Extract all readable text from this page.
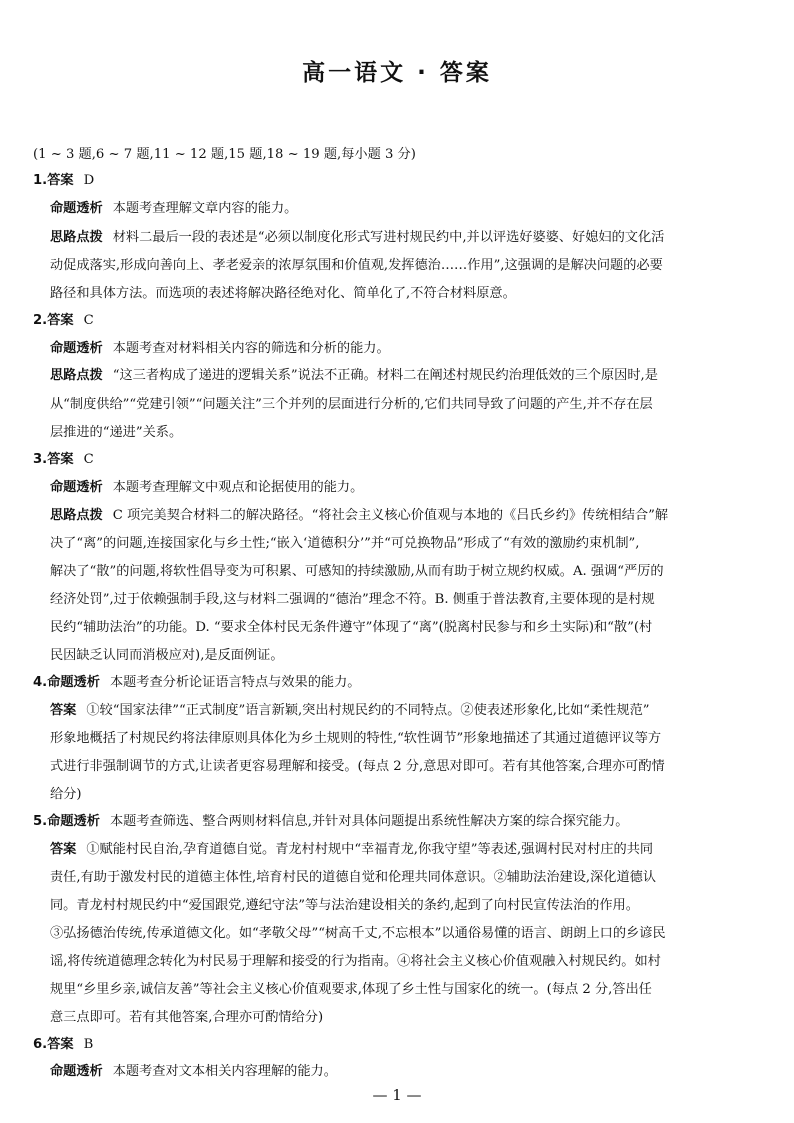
高一语文 · 答案
(1 ~ 3 题,6 ~ 7 题,11 ~ 12 题,15 题,18 ~ 19 题,每小题 3 分)
1.答案 D
命题透析 本题考查理解文章内容的能力。
思路点拨 材料二最后一段的表述是“必须以制度化形式写进村规民约中,并以评选好婆婆、好媳妇的文化活
动促成落实,形成向善向上、孝老爱亲的浓厚氛围和价值观,发挥德治……作用”,这强调的是解决问题的必要
路径和具体方法。而选项的表述将解决路径绝对化、简单化了,不符合材料原意。
2.答案 C
命题透析 本题考查对材料相关内容的筛选和分析的能力。
思路点拨 “这三者构成了递进的逻辑关系”说法不正确。材料二在阐述村规民约治理低效的三个原因时,是
从“制度供给”“党建引领”“问题关注”三个并列的层面进行分析的,它们共同导致了问题的产生,并不存在层
层推进的“递进”关系。
3.答案 C
命题透析 本题考查理解文中观点和论据使用的能力。
思路点拨 C 项完美契合材料二的解决路径。“将社会主义核心价值观与本地的《吕氏乡约》传统相结合”解
决了“离”的问题,连接国家化与乡土性;“嵌入‘道德积分’”并“可兑换物品”形成了“有效的激励约束机制”,
解决了“散”的问题,将软性倡导变为可积累、可感知的持续激励,从而有助于树立规约权威。A. 强调“严厉的
经济处罚”,过于依赖强制手段,这与材料二强调的“德治”理念不符。B. 侧重于普法教育,主要体现的是村规
民约“辅助法治”的功能。D. “要求全体村民无条件遵守”体现了“离”(脱离村民参与和乡土实际)和“散”(村
民因缺乏认同而消极应对),是反面例证。
4.命题透析 本题考查分析论证语言特点与效果的能力。
答案 ①较“国家法律”“正式制度”语言新颖,突出村规民约的不同特点。②使表述形象化,比如“柔性规范”
形象地概括了村规民约将法律原则具体化为乡土规则的特性,“软性调节”形象地描述了其通过道德评议等方
式进行非强制调节的方式,让读者更容易理解和接受。(每点 2 分,意思对即可。若有其他答案,合理亦可酌情
给分)
5.命题透析 本题考查筛选、整合两则材料信息,并针对具体问题提出系统性解决方案的综合探究能力。
答案 ①赋能村民自治,孕育道德自觉。青龙村村规中“幸福青龙,你我守望”等表述,强调村民对村庄的共同
责任,有助于激发村民的道德主体性,培育村民的道德自觉和伦理共同体意识。②辅助法治建设,深化道德认
同。青龙村村规民约中“爱国跟党,遵纪守法”等与法治建设相关的条约,起到了向村民宣传法治的作用。
③弘扬德治传统,传承道德文化。如“孝敬父母”“树高千丈,不忘根本”以通俗易懂的语言、朗朗上口的乡谚民
谣,将传统道德理念转化为村民易于理解和接受的行为指南。④将社会主义核心价值观融入村规民约。如村
规里“乡里乡亲,诚信友善”等社会主义核心价值观要求,体现了乡土性与国家化的统一。(每点 2 分,答出任
意三点即可。若有其他答案,合理亦可酌情给分)
6.答案 B
命题透析 本题考查对文本相关内容理解的能力。
— 1 —
